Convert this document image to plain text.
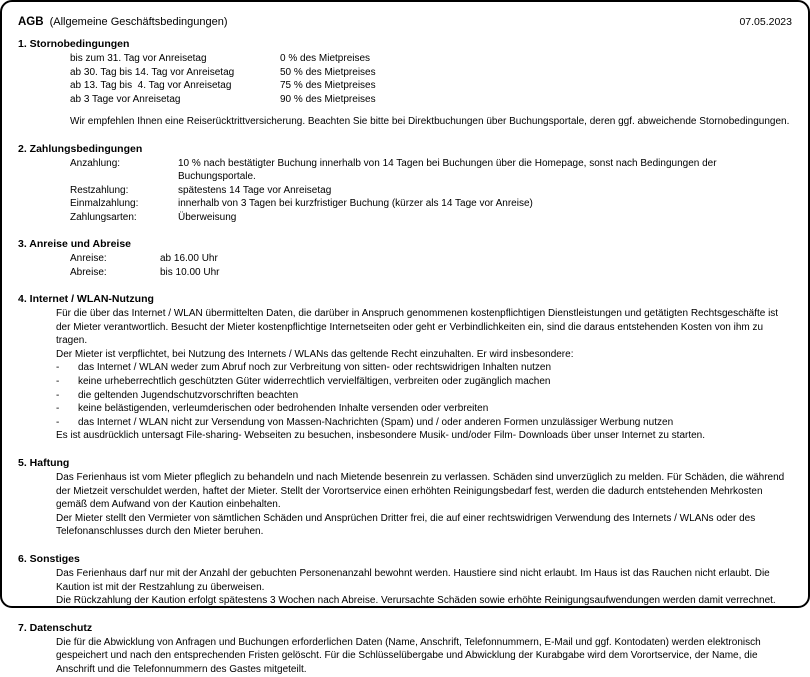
AGB (Allgemeine Geschäftsbedingungen)	07.05.2023
1. Stornobedingungen
bis zum 31. Tag vor Anreisetag	0 % des Mietpreises
ab 30. Tag bis 14. Tag vor Anreisetag	50 % des Mietpreises
ab 13. Tag bis  4. Tag vor Anreisetag	75 % des Mietpreises
ab 3 Tage vor Anreisetag	90 % des Mietpreises

Wir empfehlen Ihnen eine Reiserücktrittversicherung. Beachten Sie bitte bei Direktbuchungen über Buchungsportale, deren ggf. abweichende Stornobedingungen.

2. Zahlungsbedingungen
Anzahlung:	10 % nach bestätigter Buchung innerhalb von 14 Tagen bei Buchungen über die Homepage, sonst nach Bedingungen der Buchungsportale.
Restzahlung:	spätestens 14 Tage vor Anreisetag
Einmalzahlung:	innerhalb von 3 Tagen bei kurzfristiger Buchung (kürzer als 14 Tage vor Anreise)
Zahlungsarten:	Überweisung
3. Anreise und Abreise
Anreise:	ab 16.00 Uhr
Abreise:	bis 10.00 Uhr
4. Internet / WLAN-Nutzung

Für die über das Internet / WLAN übermittelten Daten, die darüber in Anspruch genommenen kostenpflichtigen Dienstleistungen und getätigten Rechtsgeschäfte ist der Mieter verantwortlich. Besucht der Mieter kostenpflichtige Internetseiten oder geht er Verbindlichkeiten ein, sind die daraus entstehenden Kosten von ihm zu tragen.

Der Mieter ist verpflichtet, bei Nutzung des Internets / WLANs das geltende Recht einzuhalten. Er wird insbesondere:

-	das Internet / WLAN weder zum Abruf noch zur Verbreitung von sitten- oder rechtswidrigen Inhalten nutzen
-	keine urheberrechtlich geschützten Güter widerrechtlich vervielfältigen, verbreiten oder zugänglich machen
-	die geltenden Jugendschutzvorschriften beachten
-	keine belästigenden, verleumderischen oder bedrohenden Inhalte versenden oder verbreiten
-	das Internet / WLAN nicht zur Versendung von Massen-Nachrichten (Spam) und / oder anderen Formen unzulässiger Werbung nutzen

Es ist ausdrücklich untersagt File-sharing- Webseiten zu besuchen, insbesondere Musik- und/oder Film- Downloads über unser Internet zu starten.

5. Haftung

Das Ferienhaus ist vom Mieter pfleglich zu behandeln und nach Mietende besenrein zu verlassen. Schäden sind unverzüglich zu melden. Für Schäden, die während der Mietzeit verschuldet werden, haftet der Mieter. Stellt der Vorortservice einen erhöhten Reinigungsbedarf fest, werden die dadurch entstehenden Mehrkosten gemäß dem Aufwand von der Kaution einbehalten.

Der Mieter stellt den Vermieter von sämtlichen Schäden und Ansprüchen Dritter frei, die auf einer rechtswidrigen Verwendung des Internets / WLANs oder des Telefonanschlusses durch den Mieter beruhen.

6. Sonstiges

Das Ferienhaus darf nur mit der Anzahl der gebuchten Personenanzahl bewohnt werden. Haustiere sind nicht erlaubt. Im Haus ist das Rauchen nicht erlaubt. Die Kaution ist mit der Restzahlung zu überweisen.

Die Rückzahlung der Kaution erfolgt spätestens 3 Wochen nach Abreise. Verursachte Schäden sowie erhöhte Reinigungsaufwendungen werden damit verrechnet.

7. Datenschutz

Die für die Abwicklung von Anfragen und Buchungen erforderlichen Daten (Name, Anschrift, Telefonnummern, E-Mail und ggf. Kontodaten) werden elektronisch gespeichert und nach den entsprechenden Fristen gelöscht. Für die Schlüsselübergabe und Abwicklung der Kurabgabe wird dem Vorortservice, der Name, die Anschrift und die Telefonnummern des Gastes mitgeteilt.
